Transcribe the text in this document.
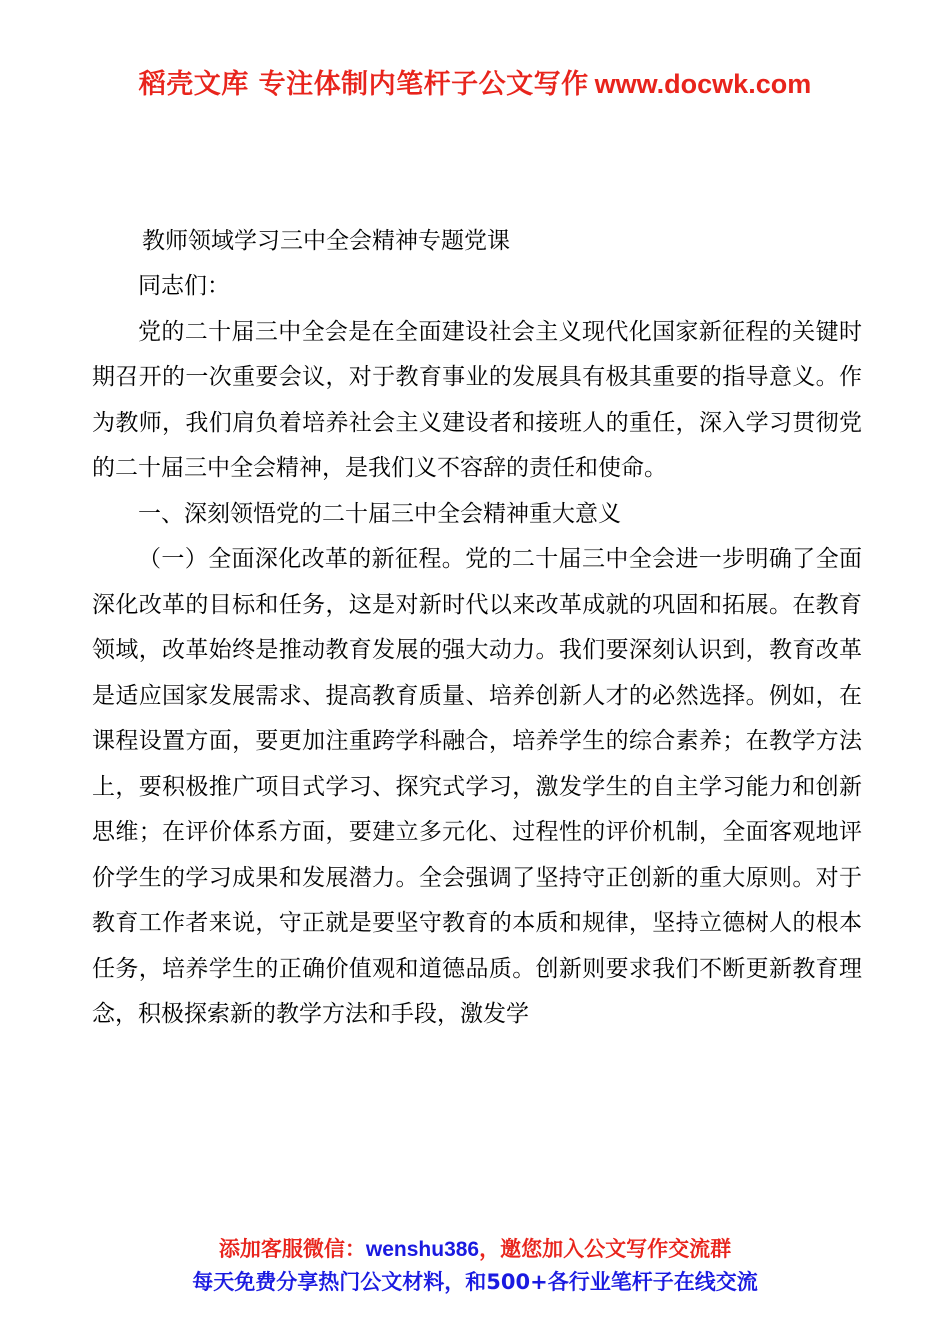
稻壳文库 专注体制内笔杆子公文写作 www.docwk.com

教师领域学习三中全会精神专题党课

同志们：

党的二十届三中全会是在全面建设社会主义现代化国家新征程的关键时期召开的一次重要会议，对于教育事业的发展具有极其重要的指导意义。作为教师，我们肩负着培养社会主义建设者和接班人的重任，深入学习贯彻党的二十届三中全会精神，是我们义不容辞的责任和使命。

一、深刻领悟党的二十届三中全会精神重大意义

（一）全面深化改革的新征程。党的二十届三中全会进一步明确了全面深化改革的目标和任务，这是对新时代以来改革成就的巩固和拓展。在教育领域，改革始终是推动教育发展的强大动力。我们要深刻认识到，教育改革是适应国家发展需求、提高教育质量、培养创新人才的必然选择。例如，在课程设置方面，要更加注重跨学科融合，培养学生的综合素养；在教学方法上，要积极推广项目式学习、探究式学习，激发学生的自主学习能力和创新思维；在评价体系方面，要建立多元化、过程性的评价机制，全面客观地评价学生的学习成果和发展潜力。全会强调了坚持守正创新的重大原则。对于教育工作者来说，守正就是要坚守教育的本质和规律，坚持立德树人的根本任务，培养学生的正确价值观和道德品质。创新则要求我们不断更新教育理念，积极探索新的教学方法和手段，激发学

添加客服微信：wenshu386，邀您加入公文写作交流群
每天免费分享热门公文材料，和500+各行业笔杆子在线交流
